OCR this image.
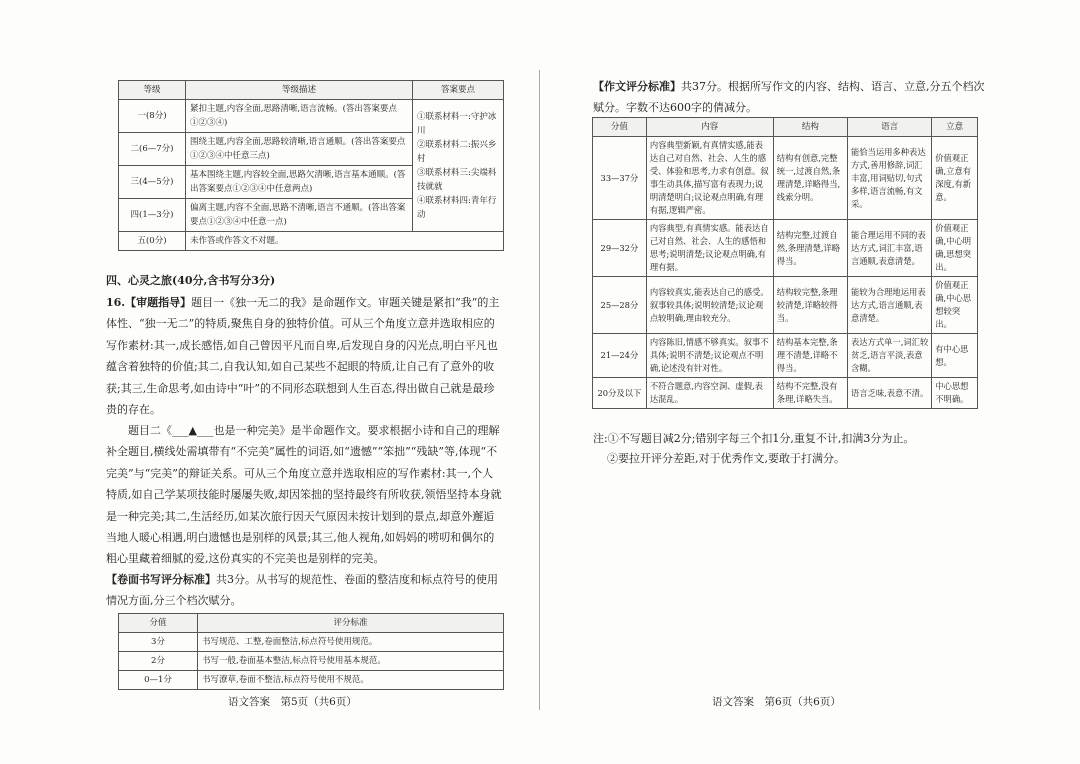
等级	等级描述	答案要点
一(8分)	紧扣主题,内容全面,思路清晰,语言流畅。(答出答案要点①②③④)	①联系材料一:守护冰川
②联系材料二:振兴乡村
③联系材料三:尖端科技就就
④联系材料四:青年行动

二(6—7分)	围绕主题,内容全面,思路较清晰,语言通顺。(答出答案要点①②③④中任意三点)	
三(4—5分)	基本围绕主题,内容较全面,思路欠清晰,语言基本通顺。(答出答案要点①②③④中任意两点)	
四(1—3分)	偏离主题,内容不全面,思路不清晰,语言不通顺。(答出答案要点①②③④中任意一点)	
五(0分)	未作答或作答文不对题。	
四、心灵之旅(40分,含书写分3分)
16.【审题指导】题目一《独一无二的我》是命题作文。审题关键是紧扣“我”的主体性、“独一无二”的特质,聚焦自身的独特价值。可从三个角度立意并选取相应的写作素材:其一,成长感悟,如自己曾因平凡而自卑,后发现自身的闪光点,明白平凡也蕴含着独特的价值;其二,自我认知,如自己某些不起眼的特质,让自己有了意外的收获;其三,生命思考,如由诗中“叶”的不同形态联想到人生百态,得出做自己就是最珍贵的存在。
题目二《___▲___也是一种完美》是半命题作文。要求根据小诗和自己的理解补全题目,横线处需填带有“不完美”属性的词语,如“遗憾”“笨拙”“残缺”等,体现“不完美”与“完美”的辩证关系。可从三个角度立意并选取相应的写作素材:其一,个人特质,如自己学某项技能时屡屡失败,却因笨拙的坚持最终有所收获,领悟坚持本身就是一种完美;其二,生活经历,如某次旅行因天气原因未按计划到的景点,却意外邂逅当地人暖心相遇,明白遗憾也是别样的风景;其三,他人视角,如妈妈的唠叨和偶尔的粗心里藏着细腻的爱,这份真实的不完美也是别样的完美。
【卷面书写评分标准】共3分。从书写的规范性、卷面的整洁度和标点符号的使用情况方面,分三个档次赋分。
分值	评分标准
3分	书写规范、工整,卷面整洁,标点符号使用规范。
2分	书写一般,卷面基本整洁,标点符号使用基本规范。
0—1分	书写潦草,卷面不整洁,标点符号使用不规范。
语文答案　第5页（共6页）
【作文评分标准】共37分。根据所写作文的内容、结构、语言、立意,分五个档次赋分。字数不达600字的倩减分。
分值	内容	结构	语言	立意
33—37分	内容典型新颖,有真情实感,能表达自己对自然、社会、人生的感受、体验和思考,力求有创意。叙事生动具体,描写富有表现力;说明清楚明白;议论观点明确,有理有据,逻辑严密。	结构有创意,完整统一,过渡自然,条理清楚,详略得当,线索分明。	能恰当运用多种表达方式,善用修辞,词汇丰富,用词贴切,句式多样,语言流畅,有文采。	价值观正确,立意有深度,有新意。
29—32分	内容典型,有真情实感。能表达自己对自然、社会、人生的感悟和思考;说明清楚;议论观点明确,有理有据。	结构完整,过渡自然,条理清楚,详略得当。	能合理运用不同的表达方式,词汇丰富,语言通顺,表意清楚。	价值观正确,中心明确,思想突出。
25—28分	内容较真实,能表达自己的感受。叙事较具体;说明较清楚;议论观点较明确,理由较充分。	结构较完整,条理较清楚,详略较得当。	能较为合理地运用表达方式,语言通顺,表意清楚。	价值观正确,中心思想较突出。
21—24分	内容陈旧,情感不够真实。叙事不具体;说明不清楚;议论观点不明确,论述没有针对性。	结构基本完整,条理不清楚,详略不得当。	表达方式单一,词汇较贫乏,语言平淡,表意含糊。	有中心思想。
20分及以下	不符合题意,内容空洞、虚假,表达混乱。	结构不完整,没有条理,详略失当。	语言乏味,表意不清。	中心思想不明确。
注:①不写题目减2分;错别字每三个扣1分,重复不计,扣满3分为止。
②要拉开评分差距,对于优秀作文,要敢于打满分。
语文答案　第6页（共6页）
